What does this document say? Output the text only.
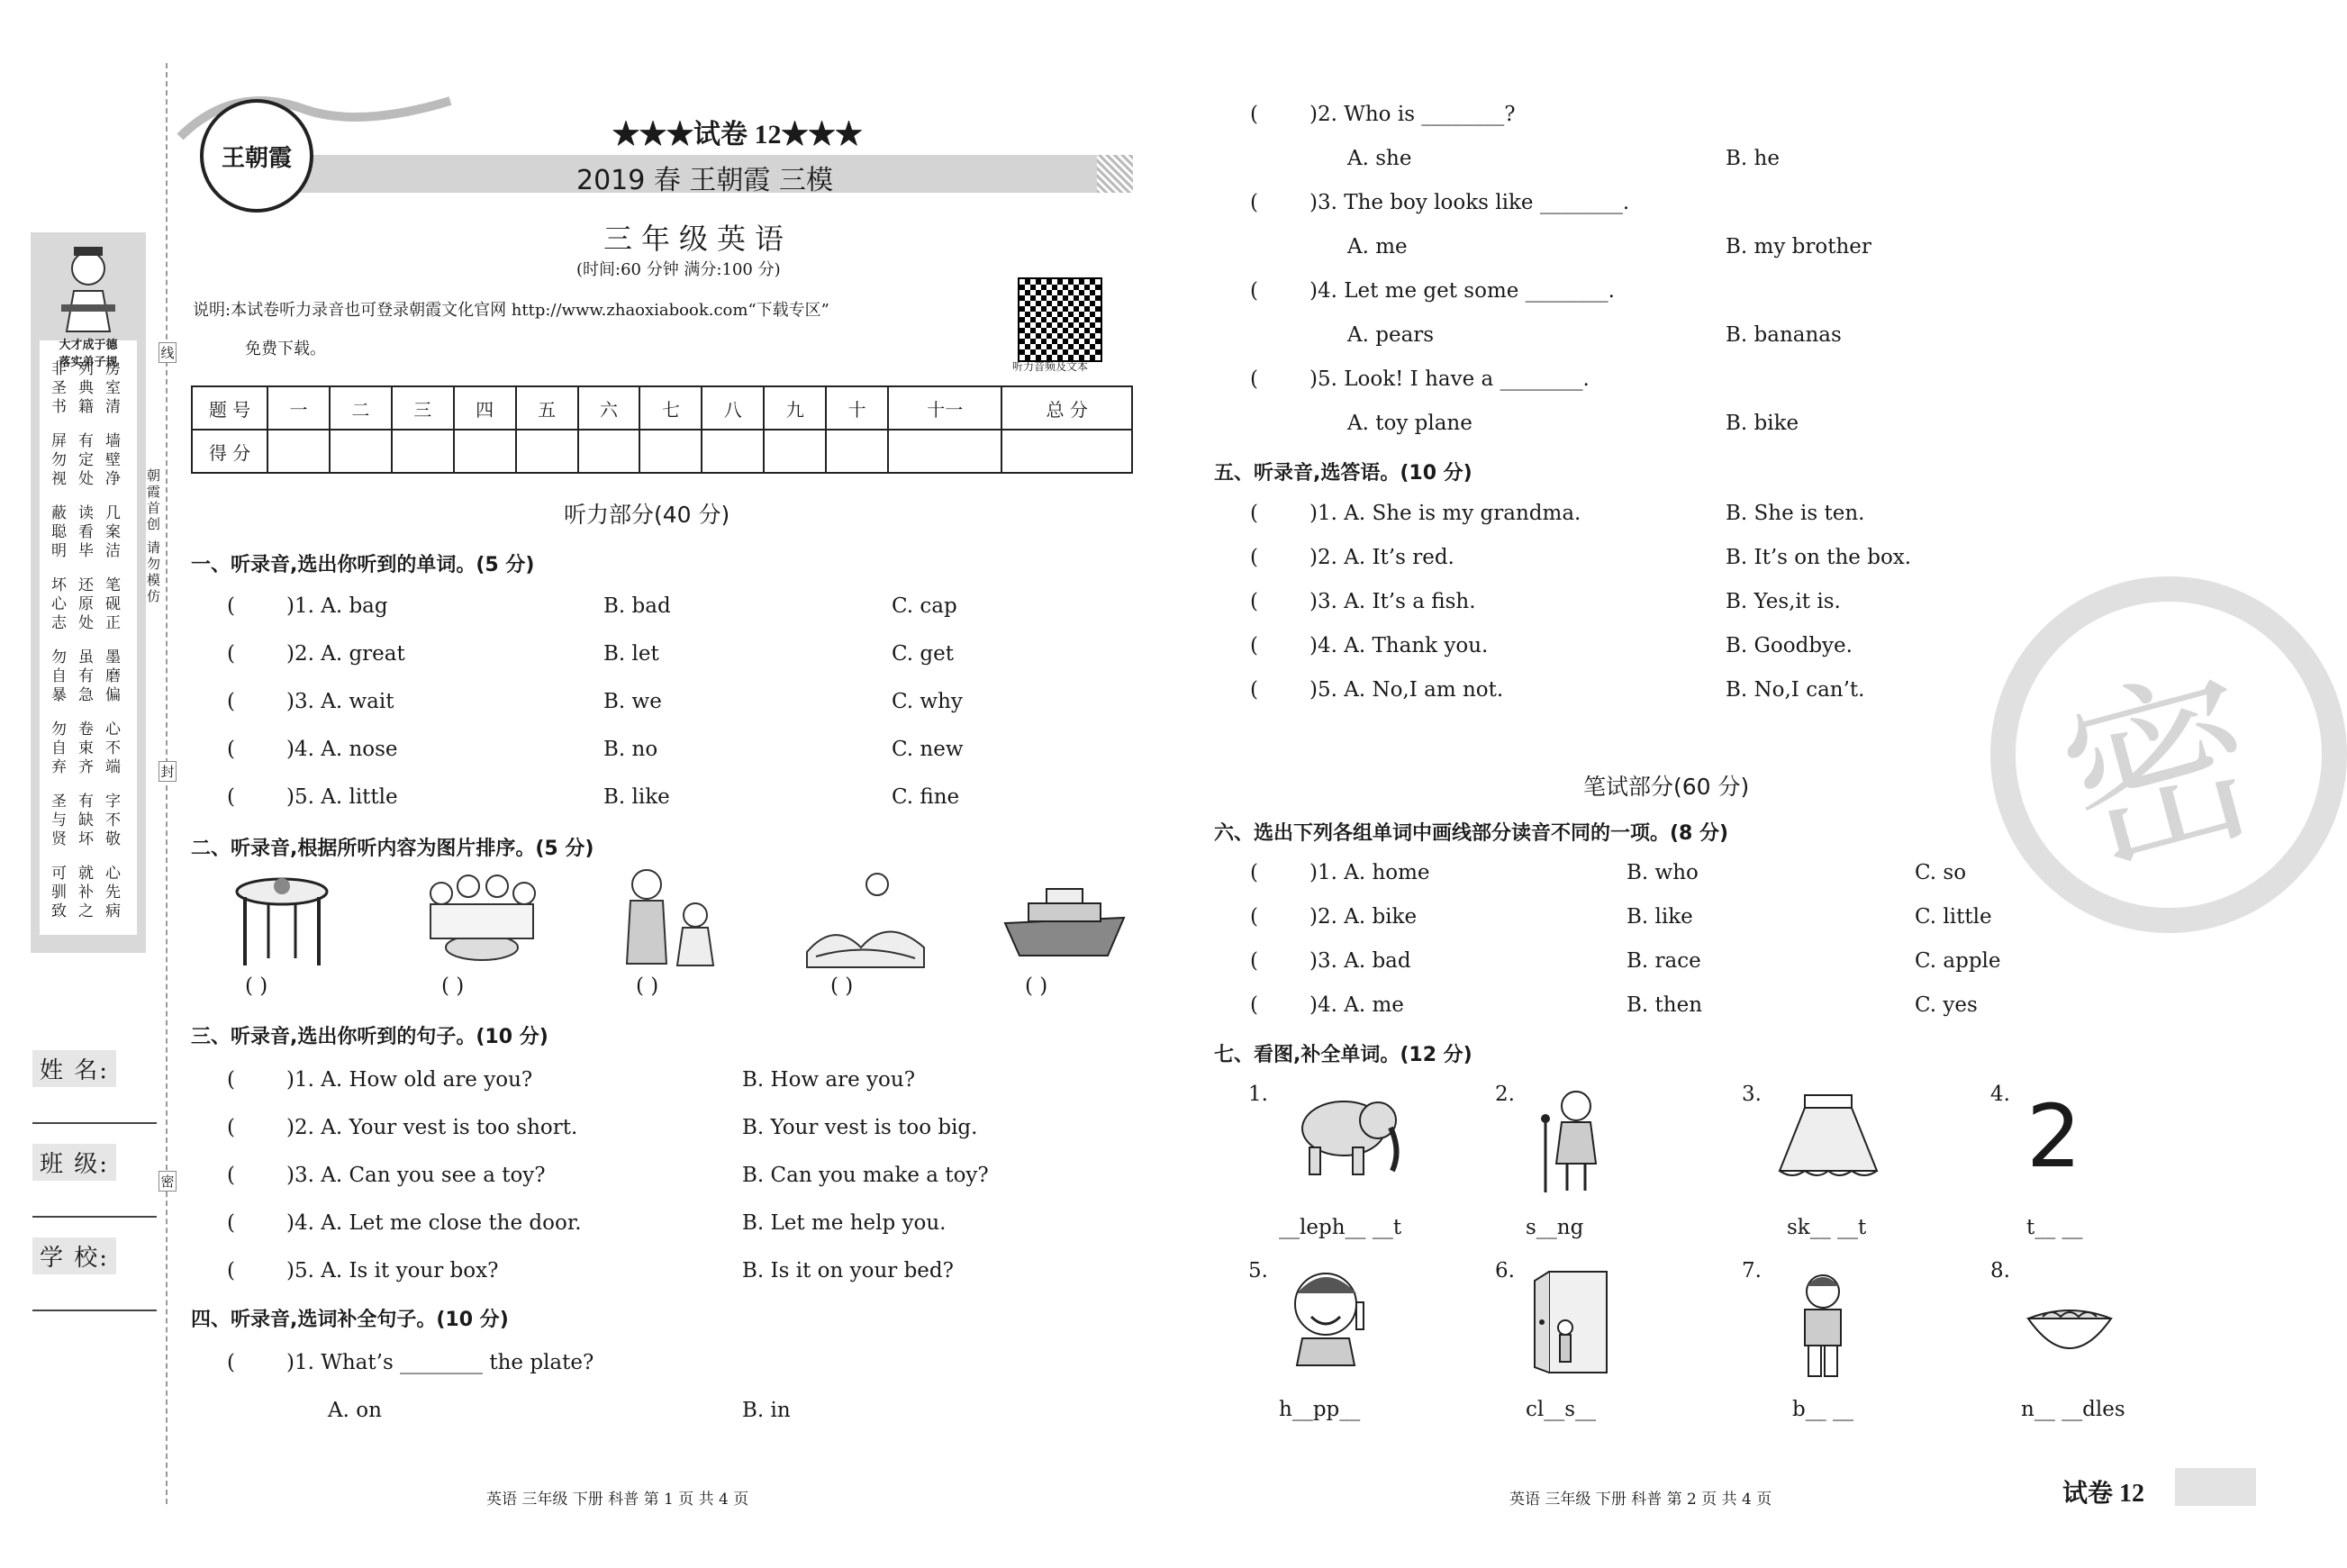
大才成于德
落实弟子规
非圣书 列典籍 房室清
屏勿视 有定处 墙壁净
蔽聪明 读看毕 几案洁
坏心志 还原处 笔砚正
勿自暴 虽有急 墨磨偏
勿自弃 卷束齐 心不端
圣与贤 有缺坏 字不敬
可驯致 就补之 心先病
线
封
密
朝霞首创 请勿模仿
姓 名:
班 级:
学 校:
王朝霞
★★★试卷 12★★★
2019 春 王朝霞 三模
三年级英语
(时间:60 分钟 满分:100 分)
说明:本试卷听力录音也可登录朝霞文化官网 http://www.zhaoxiabook.com“下载专区”
免费下载。
听力音频及文本
题 号	一	二	三	四	五	六	七	八	九	十	十一	总 分
得 分												
听力部分(40 分)
一、听录音,选出你听到的单词。(5 分)
( )1. A. bag	B. bad	C. cap
( )2. A. great	B. let	C. get
( )3. A. wait	B. we	C. why
( )4. A. nose	B. no	C. new
( )5. A. little	B. like	C. fine
二、听录音,根据所听内容为图片排序。(5 分)
( )	( )	( )	( )	( )
三、听录音,选出你听到的句子。(10 分)
( )1. A. How old are you?	B. How are you?
( )2. A. Your vest is too short.	B. Your vest is too big.
( )3. A. Can you see a toy?	B. Can you make a toy?
( )4. A. Let me close the door.	B. Let me help you.
( )5. A. Is it your box?	B. Is it on your bed?
四、听录音,选词补全句子。(10 分)
( )1. What’s ________ the plate?
A. on	B. in
英语 三年级 下册 科普 第 1 页 共 4 页
密
( )2. Who is ________?
A. she	B. he
( )3. The boy looks like ________.
A. me	B. my brother
( )4. Let me get some ________.
A. pears	B. bananas
( )5. Look! I have a ________.
A. toy plane	B. bike
五、听录音,选答语。(10 分)
( )1. A. She is my grandma.	B. She is ten.
( )2. A. It’s red.	B. It’s on the box.
( )3. A. It’s a fish.	B. Yes,it is.
( )4. A. Thank you.	B. Goodbye.
( )5. A. No,I am not.	B. No,I can’t.
笔试部分(60 分)
六、选出下列各组单词中画线部分读音不同的一项。(8 分)
( )1. A. home	B. who	C. so
( )2. A. bike	B. like	C. little
( )3. A. bad	B. race	C. apple
( )4. A. me	B. then	C. yes
七、看图,补全单词。(12 分)
1.
__leph__ __t
2.
s__ng
3.
sk__ __t
4. 2
t__ __
5.
h__pp__
6.
cl__s__
7.
b__ __
8.
n__ __dles
英语 三年级 下册 科普 第 2 页 共 4 页	试卷 12
